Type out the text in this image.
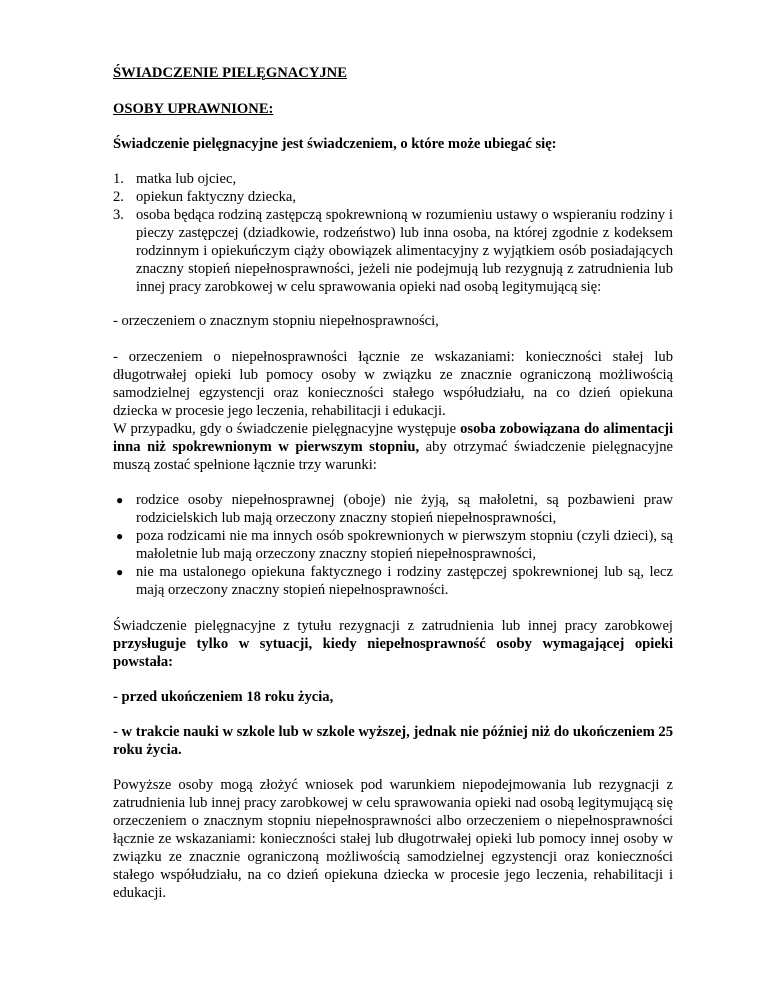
ŚWIADCZENIE PIELĘGNACYJNE

OSOBY UPRAWNIONE:

Świadczenie pielęgnacyjne jest świadczeniem, o które może ubiegać się:

1. matka lub ojciec,
2. opiekun faktyczny dziecka,
3. osoba będąca rodziną zastępczą spokrewnioną w rozumieniu ustawy o wspieraniu rodziny i pieczy zastępczej (dziadkowie, rodzeństwo) lub inna osoba, na której zgodnie z kodeksem rodzinnym i opiekuńczym ciąży obowiązek alimentacyjny z wyjątkiem osób posiadających znaczny stopień niepełnosprawności, jeżeli nie podejmują lub rezygnują z zatrudnienia lub innej pracy zarobkowej w celu sprawowania opieki nad osobą legitymującą się:

- orzeczeniem o znacznym stopniu niepełnosprawności,

- orzeczeniem o niepełnosprawności łącznie ze wskazaniami: konieczności stałej lub długotrwałej opieki lub pomocy osoby w związku ze znacznie ograniczoną możliwością samodzielnej egzystencji oraz konieczności stałego współudziału, na co dzień opiekuna dziecka w procesie jego leczenia, rehabilitacji i edukacji.

W przypadku, gdy o świadczenie pielęgnacyjne występuje osoba zobowiązana do alimentacji inna niż spokrewnionym w pierwszym stopniu, aby otrzymać świadczenie pielęgnacyjne muszą zostać spełnione łącznie trzy warunki:

● rodzice osoby niepełnosprawnej (oboje) nie żyją, są małoletni, są pozbawieni praw rodzicielskich lub mają orzeczony znaczny stopień niepełnosprawności,
● poza rodzicami nie ma innych osób spokrewnionych w pierwszym stopniu (czyli dzieci), są małoletnie lub mają orzeczony znaczny stopień niepełnosprawności,
● nie ma ustalonego opiekuna faktycznego i rodziny zastępczej spokrewnionej lub są, lecz mają orzeczony znaczny stopień niepełnosprawności.

Świadczenie pielęgnacyjne z tytułu rezygnacji z zatrudnienia lub innej pracy zarobkowej przysługuje tylko w sytuacji, kiedy niepełnosprawność osoby wymagającej opieki powstała:

- przed ukończeniem 18 roku życia,

- w trakcie nauki w szkole lub w szkole wyższej, jednak nie później niż do ukończeniem 25 roku życia.

Powyższe osoby mogą złożyć wniosek pod warunkiem niepodejmowania lub rezygnacji z zatrudnienia lub innej pracy zarobkowej w celu sprawowania opieki nad osobą legitymującą się orzeczeniem o znacznym stopniu niepełnosprawności albo orzeczeniem o niepełnosprawności łącznie ze wskazaniami: konieczności stałej lub długotrwałej opieki lub pomocy innej osoby w związku ze znacznie ograniczoną możliwością samodzielnej egzystencji oraz konieczności stałego współudziału, na co dzień opiekuna dziecka w procesie jego leczenia, rehabilitacji i edukacji.
